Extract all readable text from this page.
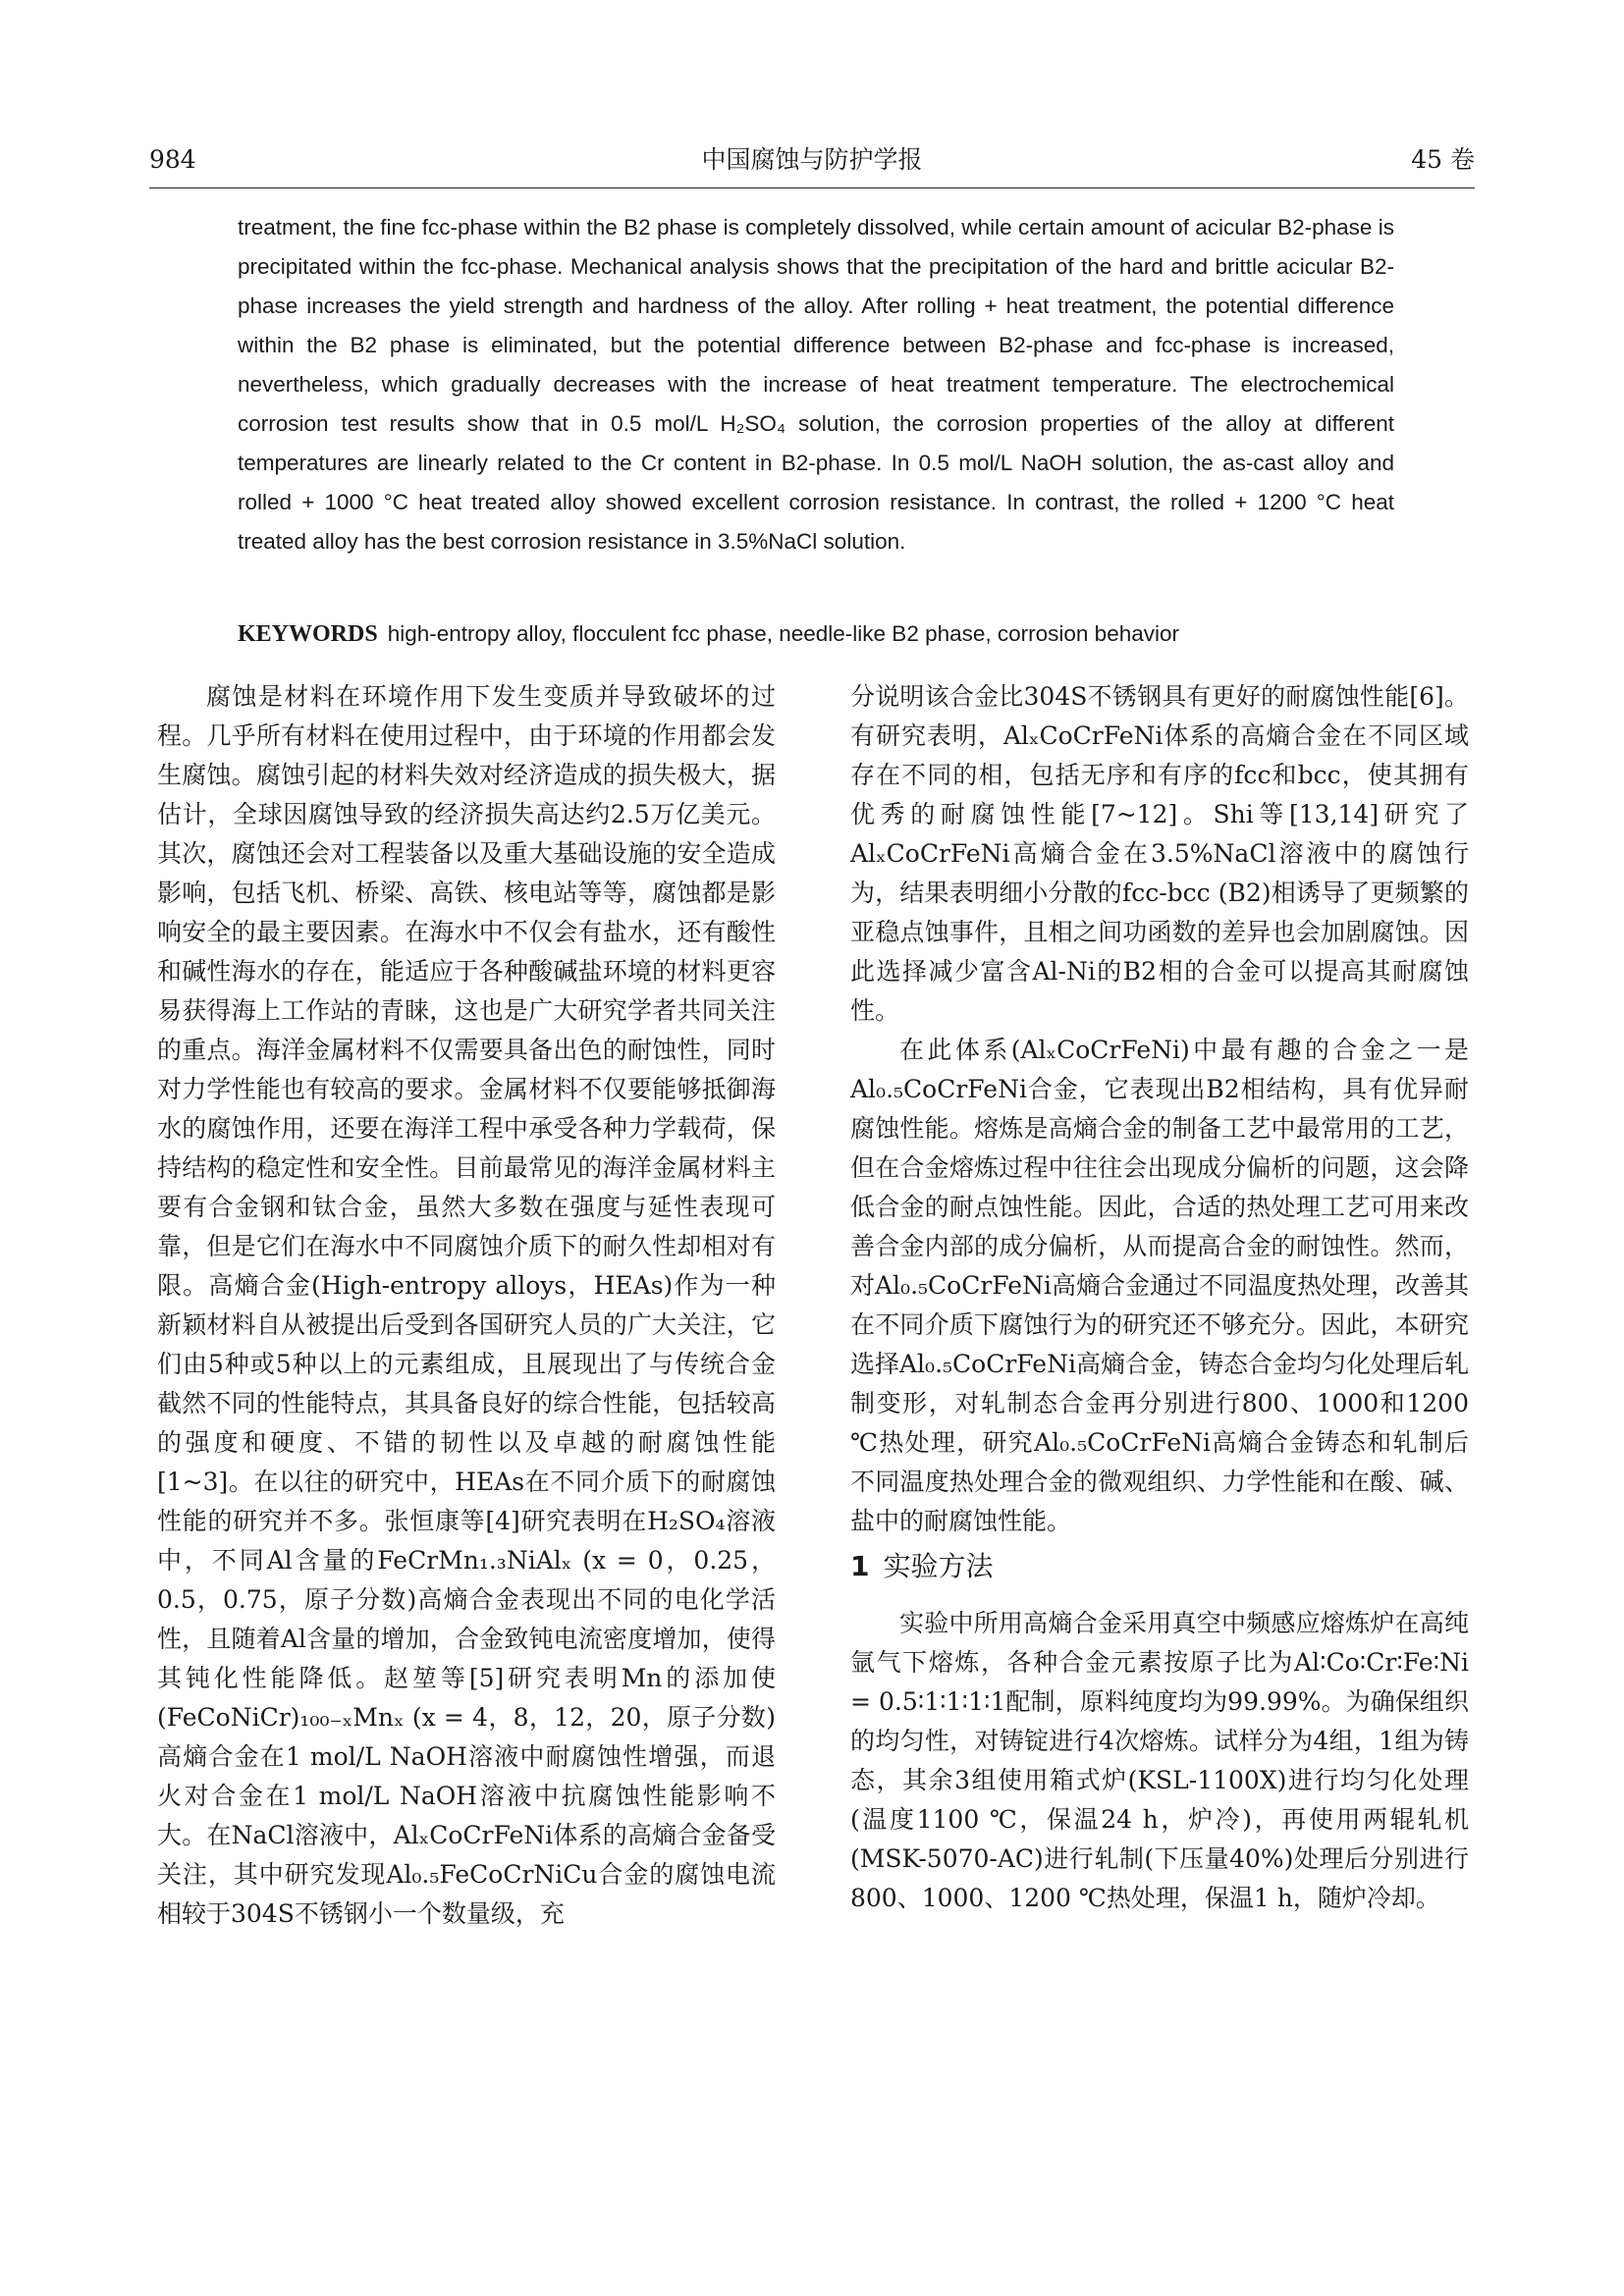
984	中国腐蚀与防护学报	45 卷

treatment, the fine fcc-phase within the B2 phase is completely dissolved, while certain amount of acicular B2-phase is precipitated within the fcc-phase. Mechanical analysis shows that the precipitation of the hard and brittle acicular B2-phase increases the yield strength and hardness of the alloy. After rolling + heat treatment, the potential difference within the B2 phase is eliminated, but the potential difference between B2-phase and fcc-phase is increased, nevertheless, which gradually decreases with the increase of heat treatment temperature. The electrochemical corrosion test results show that in 0.5 mol/L H₂SO₄ solution, the corrosion properties of the alloy at different temperatures are linearly related to the Cr content in B2-phase. In 0.5 mol/L NaOH solution, the as-cast alloy and rolled + 1000 °C heat treated alloy showed excellent corrosion resistance. In contrast, the rolled + 1200 °C heat treated alloy has the best corrosion resistance in 3.5%NaCl solution.

KEYWORDS high-entropy alloy, flocculent fcc phase, needle-like B2 phase, corrosion behavior

腐蚀是材料在环境作用下发生变质并导致破坏的过程。几乎所有材料在使用过程中，由于环境的作用都会发生腐蚀。腐蚀引起的材料失效对经济造成的损失极大，据估计，全球因腐蚀导致的经济损失高达约2.5万亿美元。其次，腐蚀还会对工程装备以及重大基础设施的安全造成影响，包括飞机、桥梁、高铁、核电站等等，腐蚀都是影响安全的最主要因素。在海水中不仅会有盐水，还有酸性和碱性海水的存在，能适应于各种酸碱盐环境的材料更容易获得海上工作站的青睐，这也是广大研究学者共同关注的重点。海洋金属材料不仅需要具备出色的耐蚀性，同时对力学性能也有较高的要求。金属材料不仅要能够抵御海水的腐蚀作用，还要在海洋工程中承受各种力学载荷，保持结构的稳定性和安全性。目前最常见的海洋金属材料主要有合金钢和钛合金，虽然大多数在强度与延性表现可靠，但是它们在海水中不同腐蚀介质下的耐久性却相对有限。高熵合金(High-entropy alloys，HEAs)作为一种新颖材料自从被提出后受到各国研究人员的广大关注，它们由5种或5种以上的元素组成，且展现出了与传统合金截然不同的性能特点，其具备良好的综合性能，包括较高的强度和硬度、不错的韧性以及卓越的耐腐蚀性能[1~3]。在以往的研究中，HEAs在不同介质下的耐腐蚀性能的研究并不多。张恒康等[4]研究表明在H₂SO₄溶液中，不同Al含量的FeCrMn₁.₃NiAlₓ (x = 0，0.25，0.5，0.75，原子分数)高熵合金表现出不同的电化学活性，且随着Al含量的增加，合金致钝电流密度增加，使得其钝化性能降低。赵堃等[5]研究表明Mn的添加使(FeCoNiCr)₁₀₀₋ₓMnₓ (x = 4，8，12，20，原子分数)高熵合金在1 mol/L NaOH溶液中耐腐蚀性增强，而退火对合金在1 mol/L NaOH溶液中抗腐蚀性能影响不大。在NaCl溶液中，AlₓCoCrFeNi体系的高熵合金备受关注，其中研究发现Al₀.₅FeCoCrNiCu合金的腐蚀电流相较于304S不锈钢小一个数量级，充

分说明该合金比304S不锈钢具有更好的耐腐蚀性能[6]。有研究表明，AlₓCoCrFeNi体系的高熵合金在不同区域存在不同的相，包括无序和有序的fcc和bcc，使其拥有优秀的耐腐蚀性能[7~12]。Shi等[13,14]研究了AlₓCoCrFeNi高熵合金在3.5%NaCl溶液中的腐蚀行为，结果表明细小分散的fcc-bcc (B2)相诱导了更频繁的亚稳点蚀事件，且相之间功函数的差异也会加剧腐蚀。因此选择减少富含Al-Ni的B2相的合金可以提高其耐腐蚀性。

在此体系(AlₓCoCrFeNi)中最有趣的合金之一是Al₀.₅CoCrFeNi合金，它表现出B2相结构，具有优异耐腐蚀性能。熔炼是高熵合金的制备工艺中最常用的工艺，但在合金熔炼过程中往往会出现成分偏析的问题，这会降低合金的耐点蚀性能。因此，合适的热处理工艺可用来改善合金内部的成分偏析，从而提高合金的耐蚀性。然而，对Al₀.₅CoCrFeNi高熵合金通过不同温度热处理，改善其在不同介质下腐蚀行为的研究还不够充分。因此，本研究选择Al₀.₅CoCrFeNi高熵合金，铸态合金均匀化处理后轧制变形，对轧制态合金再分别进行800、1000和1200 ℃热处理，研究Al₀.₅CoCrFeNi高熵合金铸态和轧制后不同温度热处理合金的微观组织、力学性能和在酸、碱、盐中的耐腐蚀性能。

1 实验方法

实验中所用高熵合金采用真空中频感应熔炼炉在高纯氩气下熔炼，各种合金元素按原子比为Al∶Co∶Cr∶Fe∶Ni = 0.5∶1∶1∶1∶1配制，原料纯度均为99.99%。为确保组织的均匀性，对铸锭进行4次熔炼。试样分为4组，1组为铸态，其余3组使用箱式炉(KSL-1100X)进行均匀化处理(温度1100 ℃，保温24 h，炉冷)，再使用两辊轧机(MSK-5070-AC)进行轧制(下压量40%)处理后分别进行800、1000、1200 ℃热处理，保温1 h，随炉冷却。
